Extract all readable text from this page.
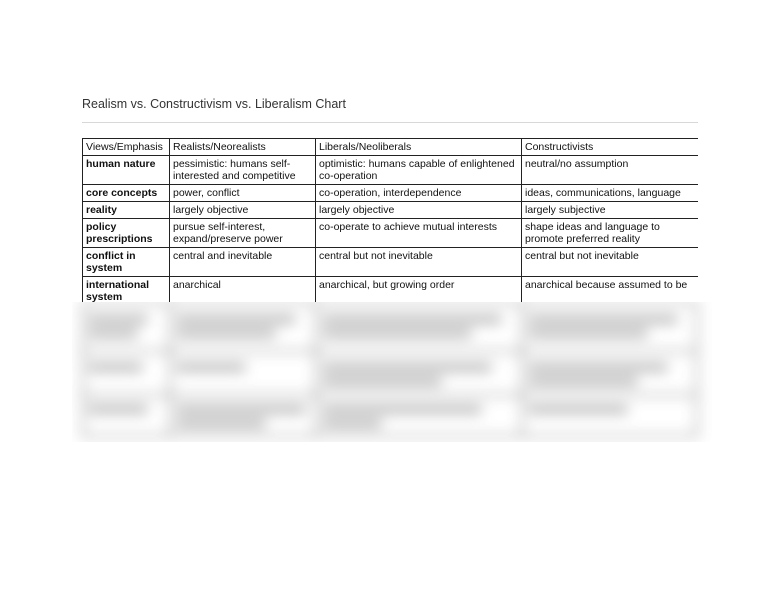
Realism vs. Constructivism vs. Liberalism Chart
Views/Emphasis	Realists/Neorealists	Liberals/Neoliberals	Constructivists
human nature	pessimistic: humans self-interested and competitive	optimistic: humans capable of enlightened co-operation	neutral/no assumption
core concepts	power, conflict	co-operation, interdependence	ideas, communications, language
reality	largely objective	largely objective	largely subjective
policy prescriptions	pursue self-interest, expand/preserve power	co-operate to achieve mutual interests	shape ideas and language to promote preferred reality
conflict in system	central and inevitable	central but not inevitable	central but not inevitable
international system	anarchical	anarchical, but growing order	anarchical because assumed to be
